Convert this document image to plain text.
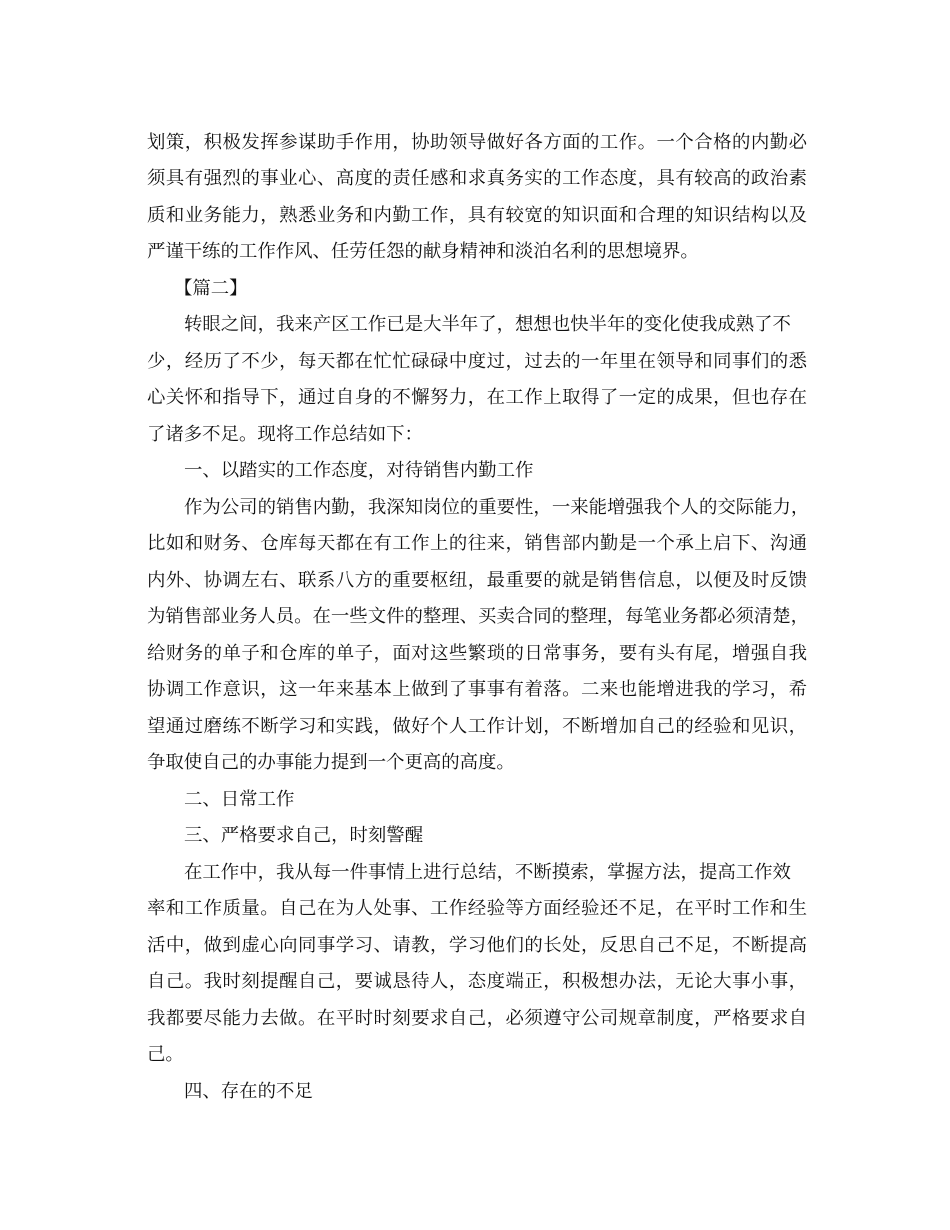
划策，积极发挥参谋助手作用，协助领导做好各方面的工作。一个合格的内勤必
须具有强烈的事业心、高度的责任感和求真务实的工作态度，具有较高的政治素
质和业务能力，熟悉业务和内勤工作，具有较宽的知识面和合理的知识结构以及
严谨干练的工作作风、任劳任怨的献身精神和淡泊名利的思想境界。
【篇二】
转眼之间，我来产区工作已是大半年了，想想也快半年的变化使我成熟了不
少，经历了不少，每天都在忙忙碌碌中度过，过去的一年里在领导和同事们的悉
心关怀和指导下，通过自身的不懈努力，在工作上取得了一定的成果，但也存在
了诸多不足。现将工作总结如下：
一、以踏实的工作态度，对待销售内勤工作
作为公司的销售内勤，我深知岗位的重要性，一来能增强我个人的交际能力，
比如和财务、仓库每天都在有工作上的往来，销售部内勤是一个承上启下、沟通
内外、协调左右、联系八方的重要枢纽，最重要的就是销售信息，以便及时反馈
为销售部业务人员。在一些文件的整理、买卖合同的整理，每笔业务都必须清楚，
给财务的单子和仓库的单子，面对这些繁琐的日常事务，要有头有尾，增强自我
协调工作意识，这一年来基本上做到了事事有着落。二来也能增进我的学习，希
望通过磨练不断学习和实践，做好个人工作计划，不断增加自己的经验和见识，
争取使自己的办事能力提到一个更高的高度。
二、日常工作
三、严格要求自己，时刻警醒
在工作中，我从每一件事情上进行总结，不断摸索，掌握方法，提高工作效
率和工作质量。自己在为人处事、工作经验等方面经验还不足，在平时工作和生
活中，做到虚心向同事学习、请教，学习他们的长处，反思自己不足，不断提高
自己。我时刻提醒自己，要诚恳待人，态度端正，积极想办法，无论大事小事，
我都要尽能力去做。在平时时刻要求自己，必须遵守公司规章制度，严格要求自
己。
四、存在的不足
